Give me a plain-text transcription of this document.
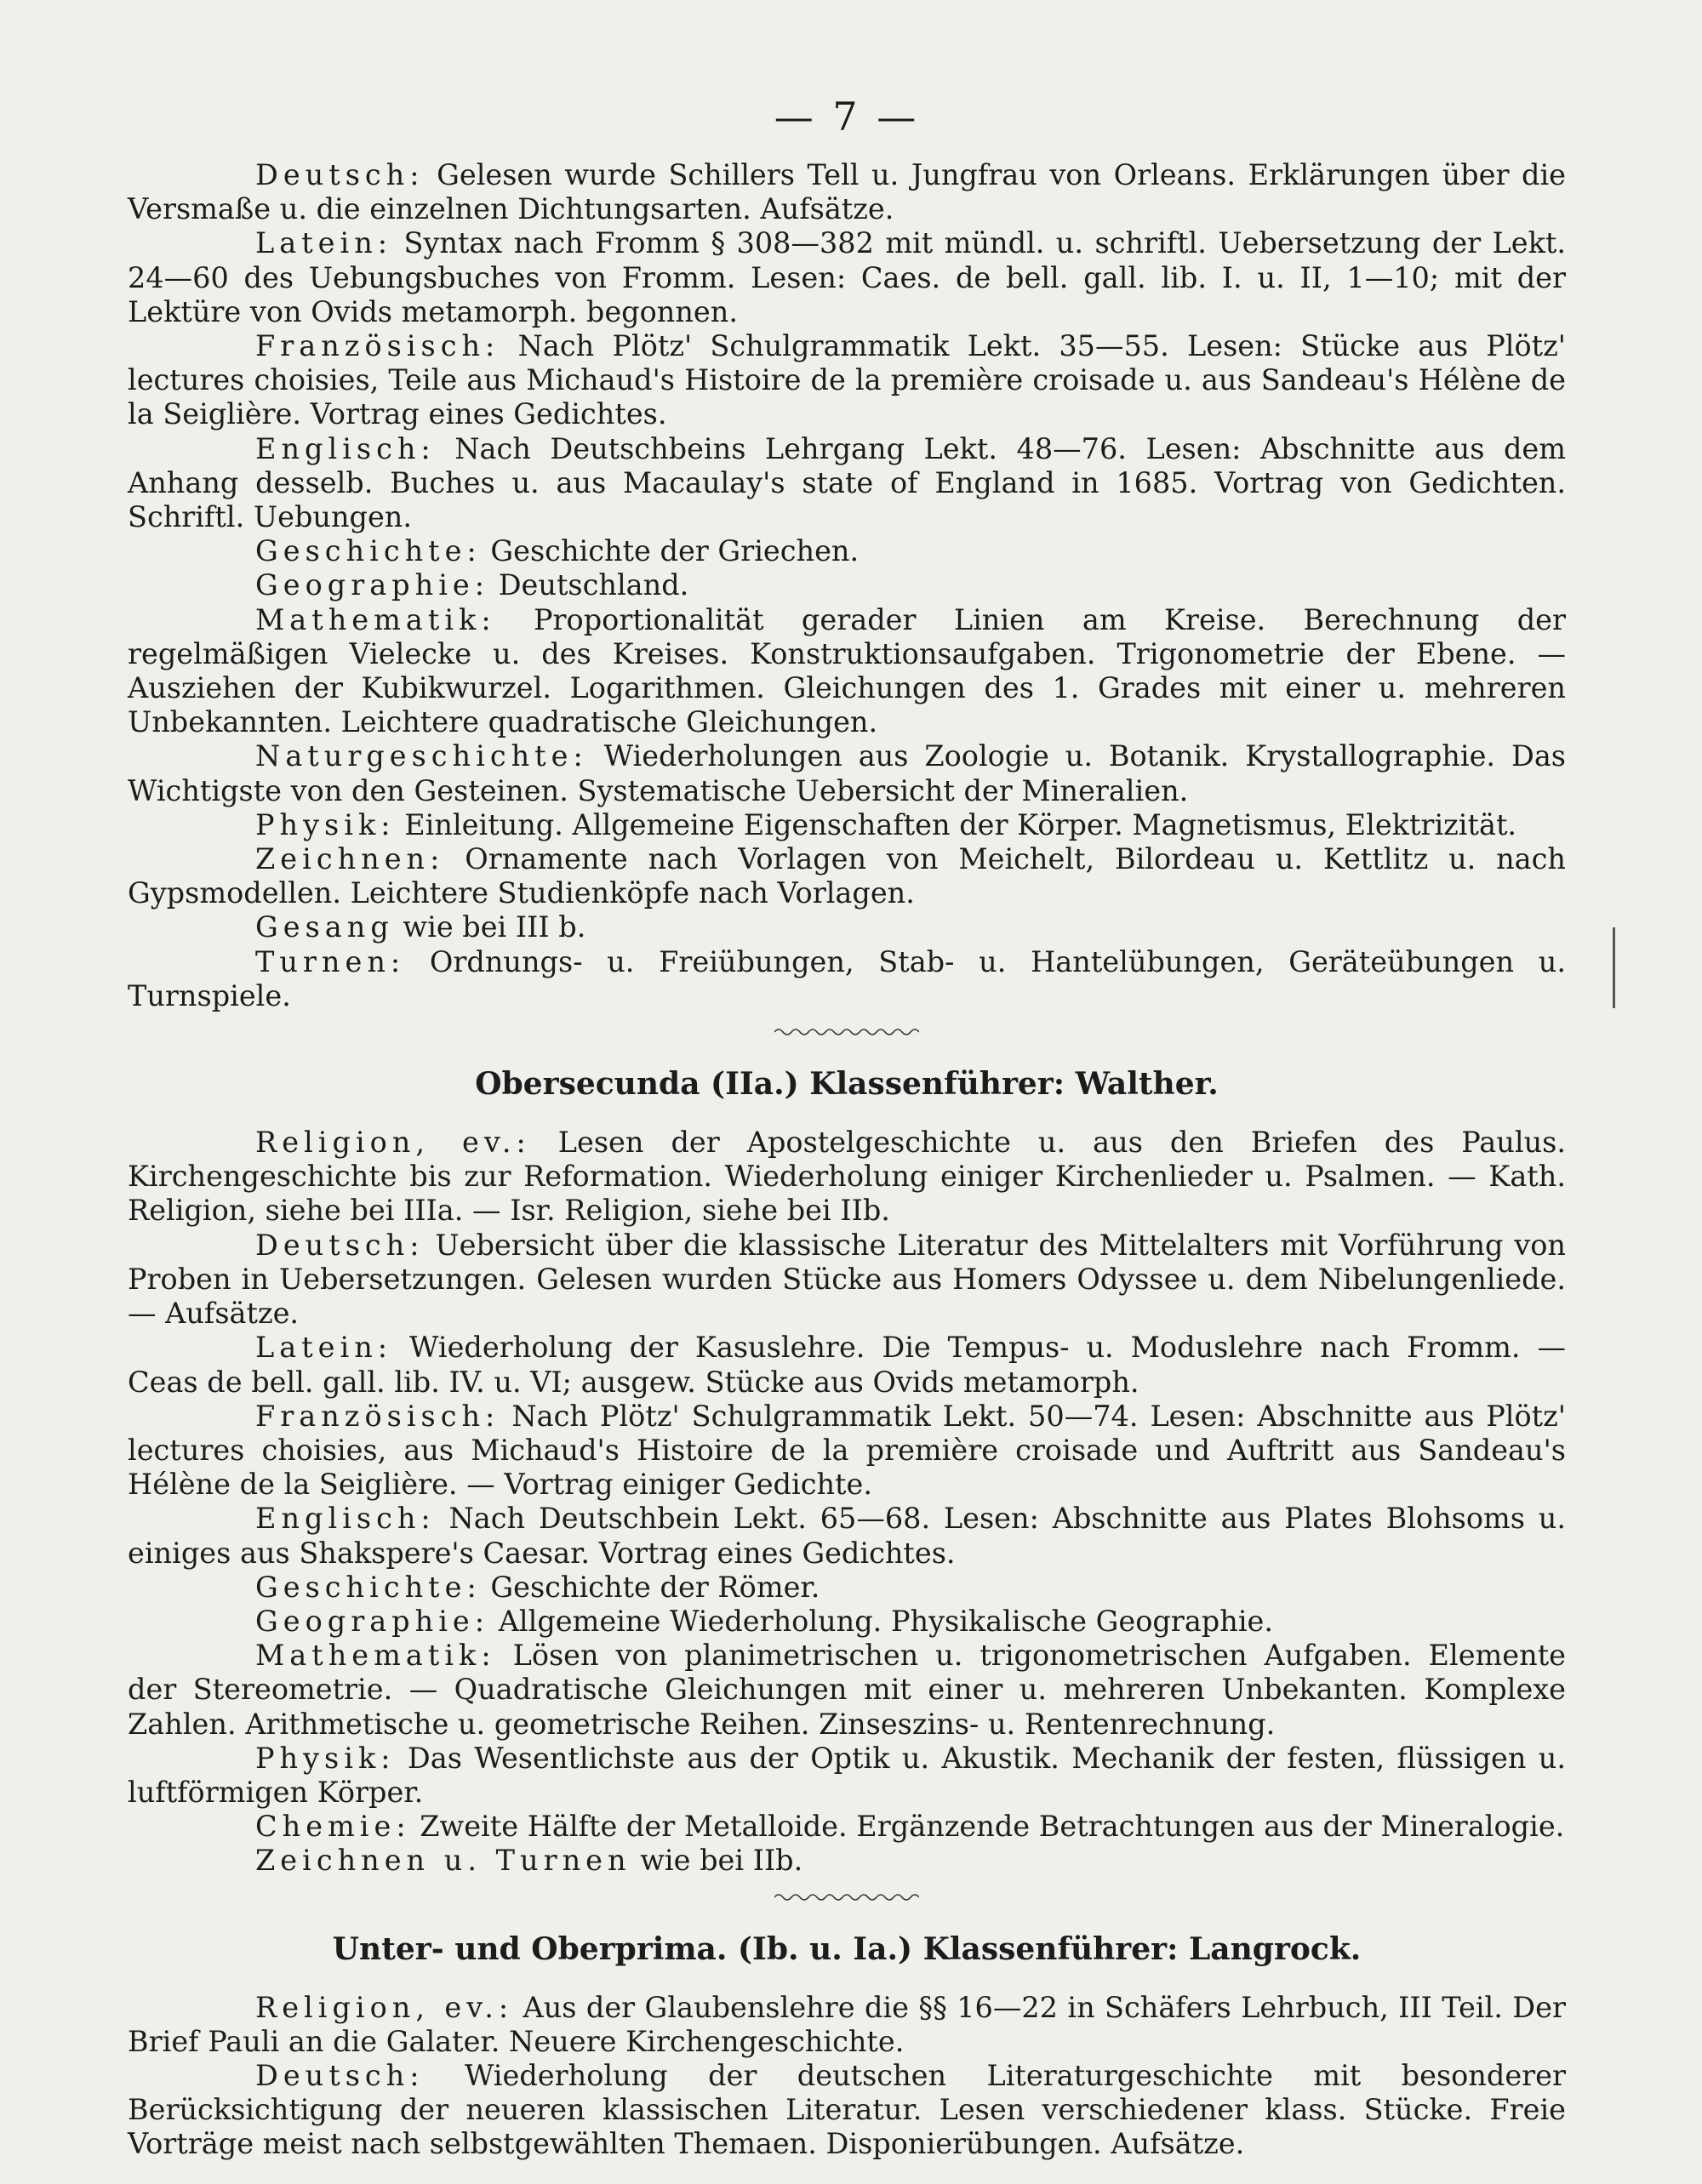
— 7 —

Deutsch: Gelesen wurde Schillers Tell u. Jungfrau von Orleans. Erklärungen über die Versmaße u. die einzelnen Dichtungsarten. Aufsätze.

Latein: Syntax nach Fromm § 308—382 mit mündl. u. schriftl. Uebersetzung der Lekt. 24—60 des Uebungsbuches von Fromm. Lesen: Caes. de bell. gall. lib. I. u. II, 1—10; mit der Lektüre von Ovids metamorph. begonnen.

Französisch: Nach Plötz' Schulgrammatik Lekt. 35—55. Lesen: Stücke aus Plötz' lectures choisies, Teile aus Michaud's Histoire de la première croisade u. aus Sandeau's Hélène de la Seiglière. Vortrag eines Gedichtes.

Englisch: Nach Deutschbeins Lehrgang Lekt. 48—76. Lesen: Abschnitte aus dem Anhang desselb. Buches u. aus Macaulay's state of England in 1685. Vortrag von Gedichten. Schriftl. Uebungen.

Geschichte: Geschichte der Griechen.

Geographie: Deutschland.

Mathematik: Proportionalität gerader Linien am Kreise. Berechnung der regelmäßigen Vielecke u. des Kreises. Konstruktionsaufgaben. Trigonometrie der Ebene. — Ausziehen der Kubikwurzel. Logarithmen. Gleichungen des 1. Grades mit einer u. mehreren Unbekannten. Leichtere quadratische Gleichungen.

Naturgeschichte: Wiederholungen aus Zoologie u. Botanik. Krystallographie. Das Wichtigste von den Gesteinen. Systematische Uebersicht der Mineralien.

Physik: Einleitung. Allgemeine Eigenschaften der Körper. Magnetismus, Elektrizität.

Zeichnen: Ornamente nach Vorlagen von Meichelt, Bilordeau u. Kettlitz u. nach Gypsmodellen. Leichtere Studienköpfe nach Vorlagen.

Gesang wie bei III b.

Turnen: Ordnungs- u. Freiübungen, Stab- u. Hantelübungen, Geräteübungen u. Turnspiele.

Obersecunda (IIa.) Klassenführer: Walther.

Religion, ev.: Lesen der Apostelgeschichte u. aus den Briefen des Paulus. Kirchengeschichte bis zur Reformation. Wiederholung einiger Kirchenlieder u. Psalmen. — Kath. Religion, siehe bei IIIa. — Isr. Religion, siehe bei IIb.

Deutsch: Uebersicht über die klassische Literatur des Mittelalters mit Vorführung von Proben in Uebersetzungen. Gelesen wurden Stücke aus Homers Odyssee u. dem Nibelungenliede.— Aufsätze.

Latein: Wiederholung der Kasuslehre. Die Tempus- u. Moduslehre nach Fromm. — Ceas de bell. gall. lib. IV. u. VI; ausgew. Stücke aus Ovids metamorph.

Französisch: Nach Plötz' Schulgrammatik Lekt. 50—74. Lesen: Abschnitte aus Plötz' lectures choisies, aus Michaud's Histoire de la première croisade und Auftritt aus Sandeau's Hélène de la Seiglière. — Vortrag einiger Gedichte.

Englisch: Nach Deutschbein Lekt. 65—68. Lesen: Abschnitte aus Plates Blohsoms u. einiges aus Shakspere's Caesar. Vortrag eines Gedichtes.

Geschichte: Geschichte der Römer.

Geographie: Allgemeine Wiederholung. Physikalische Geographie.

Mathematik: Lösen von planimetrischen u. trigonometrischen Aufgaben. Elemente der Stereometrie. — Quadratische Gleichungen mit einer u. mehreren Unbekanten. Komplexe Zahlen. Arithmetische u. geometrische Reihen. Zinseszins- u. Rentenrechnung.

Physik: Das Wesentlichste aus der Optik u. Akustik. Mechanik der festen, flüssigen u. luftförmigen Körper.

Chemie: Zweite Hälfte der Metalloide. Ergänzende Betrachtungen aus der Mineralogie.

Zeichnen u. Turnen wie bei IIb.

Unter- und Oberprima. (Ib. u. Ia.) Klassenführer: Langrock.

Religion, ev.: Aus der Glaubenslehre die §§ 16—22 in Schäfers Lehrbuch, III Teil. Der Brief Pauli an die Galater. Neuere Kirchengeschichte.

Deutsch: Wiederholung der deutschen Literaturgeschichte mit besonderer Berücksichtigung der neueren klassischen Literatur. Lesen verschiedener klass. Stücke. Freie Vorträge meist nach selbstgewählten Themaen. Disponierübungen. Aufsätze.
